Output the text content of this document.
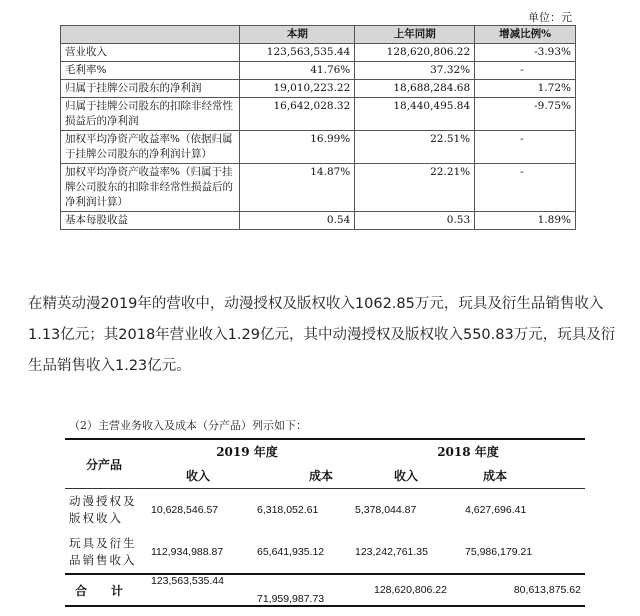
单位：元
	本期	上年同期	增减比例%
营业收入	123,563,535.44	128,620,806.22	-3.93%
毛利率%	41.76%	37.32%	-
归属于挂牌公司股东的净利润	19,010,223.22	18,688,284.68	1.72%
归属于挂牌公司股东的扣除非经常性损益后的净利润	16,642,028.32	18,440,495.84	-9.75%
加权平均净资产收益率%（依据归属于挂牌公司股东的净利润计算）	16.99%	22.51%	-
加权平均净资产收益率%（归属于挂牌公司股东的扣除非经常性损益后的净利润计算）	14.87%	22.21%	-
基本每股收益	0.54	0.53	1.89%

在精英动漫2019年的营收中，动漫授权及版权收入1062.85万元，玩具及衍生品销售收入1.13亿元；其2018年营业收入1.29亿元，其中动漫授权及版权收入550.83万元，玩具及衍生品销售收入1.23亿元。

（2）主营业务收入及成本（分产品）列示如下：
分产品	2019 年度		2018 年度	
	收入	成本	收入	成本
动漫授权及版权收入	10,628,546.57	6,318,052.61	5,378,044.87	4,627,696.41
玩具及衍生品销售收入	112,934,988.87	65,641,935.12	123,242,761.35	75,986,179.21
合　计	123,563,535.44	71,959,987.73	128,620,806.22	80,613,875.62
